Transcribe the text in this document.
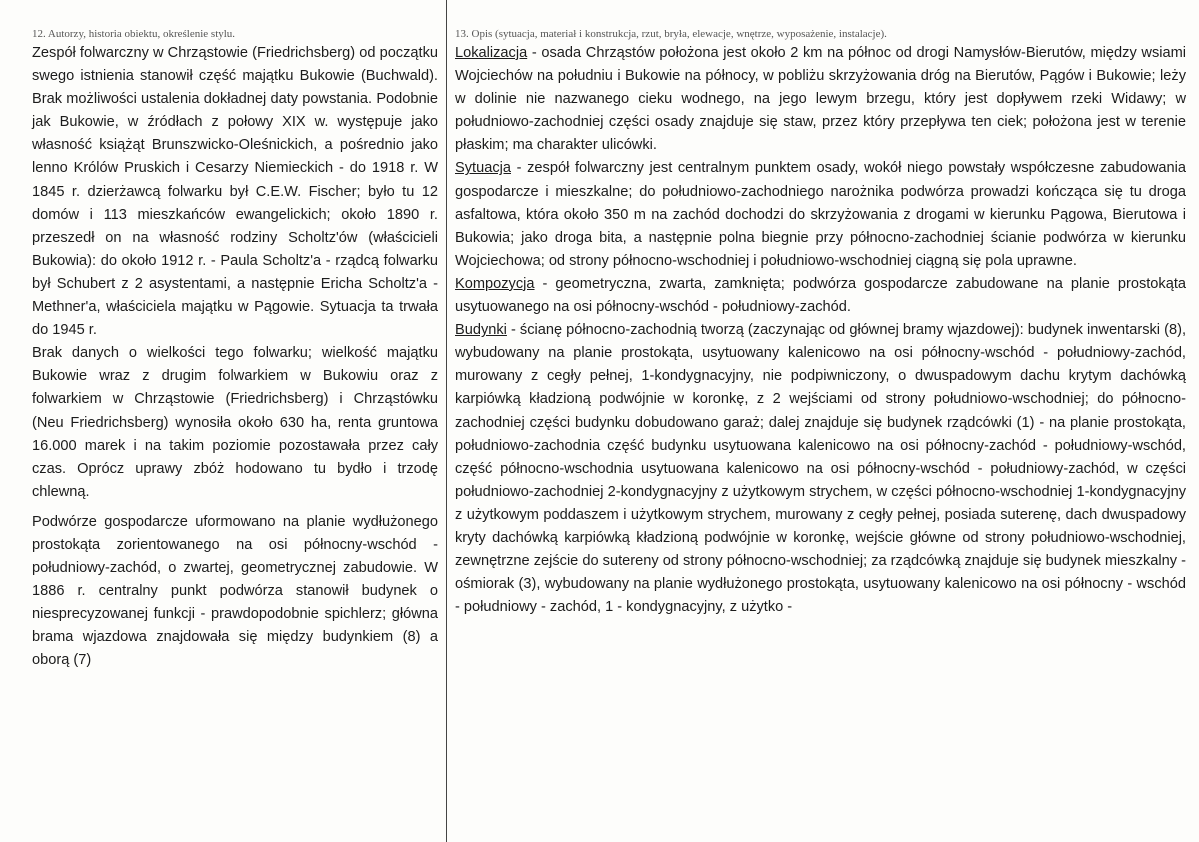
12. Autorzy, historia obiektu, określenie stylu.

Zespół folwarczny w Chrząstowie (Friedrichsberg) od początku swego istnienia stanowił część majątku Bukowie (Buchwald). Brak możliwości ustalenia dokładnej daty powstania. Podobnie jak Bukowie, w źródłach z połowy XIX w. występuje jako własność książąt Brunszwicko-Oleśnickich, a pośrednio jako lenno Królów Pruskich i Cesarzy Niemieckich - do 1918 r. W 1845 r. dzierżawcą folwarku był C.E.W. Fischer; było tu 12 domów i 113 mieszkańców ewangelickich; około 1890 r. przeszedł on na własność rodziny Scholtz'ów (właścicieli Bukowia): do około 1912 r. - Paula Scholtz'a - rządcą folwarku był Schubert z 2 asystentami, a następnie Ericha Scholtz'a - Methner'a, właściciela majątku w Pągowie. Sytuacja ta trwała do 1945 r.

Brak danych o wielkości tego folwarku; wielkość majątku Bukowie wraz z drugim folwarkiem w Bukowiu oraz z folwarkiem w Chrząstowie (Friedrichsberg) i Chrząstówku (Neu Friedrichsberg) wynosiła około 630 ha, renta gruntowa 16.000 marek i na takim poziomie pozostawała przez cały czas. Oprócz uprawy zbóż hodowano tu bydło i trzodę chlewną.

Podwórze gospodarcze uformowano na planie wydłużonego prostokąta zorientowanego na osi północny-wschód - południowy-zachód, o zwartej, geometrycznej zabudowie. W 1886 r. centralny punkt podwórza stanowił budynek o niesprecyzowanej funkcji - prawdopodobnie spichlerz; główna brama wjazdowa znajdowała się między budynkiem (8) a oborą (7)

13. Opis (sytuacja, materiał i konstrukcja, rzut, bryła, elewacje, wnętrze, wyposażenie, instalacje).

Lokalizacja - osada Chrząstów położona jest około 2 km na północ od drogi Namysłów-Bierutów, między wsiami Wojciechów na południu i Bukowie na północy, w pobliżu skrzyżowania dróg na Bierutów, Pągów i Bukowie; leży w dolinie nie nazwanego cieku wodnego, na jego lewym brzegu, który jest dopływem rzeki Widawy; w południowo-zachodniej części osady znajduje się staw, przez który przepływa ten ciek; położona jest w terenie płaskim; ma charakter ulicówki.

Sytuacja - zespół folwarczny jest centralnym punktem osady, wokół niego powstały współczesne zabudowania gospodarcze i mieszkalne; do południowo-zachodniego narożnika podwórza prowadzi kończąca się tu droga asfaltowa, która około 350 m na zachód dochodzi do skrzyżowania z drogami w kierunku Pągowa, Bierutowa i Bukowia; jako droga bita, a następnie polna biegnie przy północno-zachodniej ścianie podwórza w kierunku Wojciechowa; od strony północno-wschodniej i południowo-wschodniej ciągną się pola uprawne.

Kompozycja - geometryczna, zwarta, zamknięta; podwórza gospodarcze zabudowane na planie prostokąta usytuowanego na osi północny-wschód - południowy-zachód.

Budynki - ścianę północno-zachodnią tworzą (zaczynając od głównej bramy wjazdowej): budynek inwentarski (8), wybudowany na planie prostokąta, usytuowany kalenicowo na osi północny-wschód - południowy-zachód, murowany z cegły pełnej, 1-kondygnacyjny, nie podpiwniczony, o dwuspadowym dachu krytym dachówką karpiówką kładzioną podwójnie w koronkę, z 2 wejściami od strony południowo-wschodniej; do północno-zachodniej części budynku dobudowano garaż; dalej znajduje się budynek rządcówki (1) - na planie prostokąta, południowo-zachodnia część budynku usytuowana kalenicowo na osi północny-zachód - południowy-wschód, część północno-wschodnia usytuowana kalenicowo na osi północny-wschód - południowy-zachód, w części południowo-zachodniej 2-kondygnacyjny z użytkowym strychem, w części północno-wschodniej 1-kondygnacyjny z użytkowym poddaszem i użytkowym strychem, murowany z cegły pełnej, posiada suterenę, dach dwuspadowy kryty dachówką karpiówką kładzioną podwójnie w koronkę, wejście główne od strony południowo-wschodniej, zewnętrzne zejście do sutereny od strony północno-wschodniej; za rządcówką znajduje się budynek mieszkalny - ośmiorak (3), wybudowany na planie wydłużonego prostokąta, usytuowany kalenicowo na osi północny - wschód - południowy - zachód, 1 - kondygnacyjny, z użytko -
